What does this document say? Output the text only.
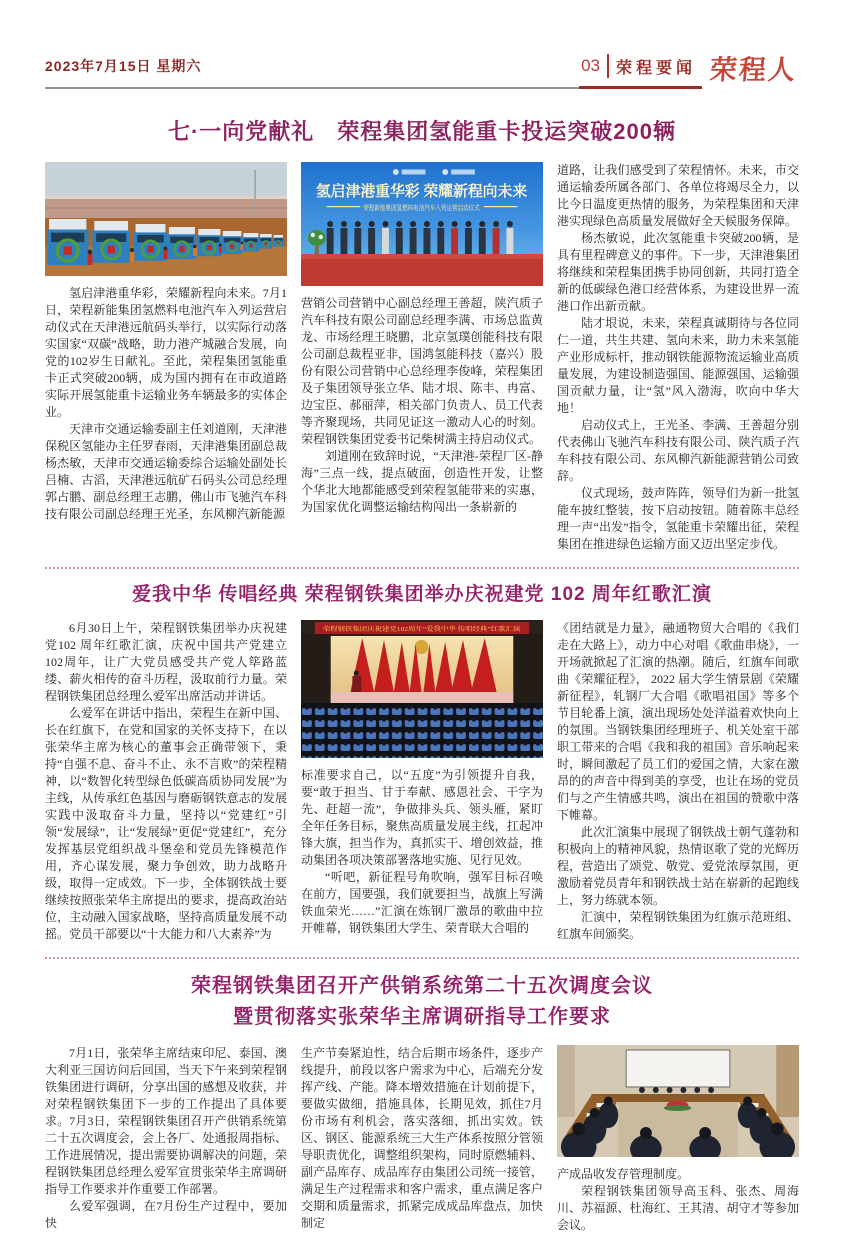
2023年7月15日 星期六	03 荣程要闻 荣程人
七·一向党献礼　荣程集团氢能重卡投运突破200辆

氢启津港重华彩，荣耀新程向未来。7月1日，荣程新能集团氢燃料电池汽车入列运营启动仪式在天津港远航码头举行，以实际行动落实国家“双碳”战略，助力港产城融合发展，向党的102岁生日献礼。至此，荣程集团氢能重卡正式突破200辆，成为国内拥有在市政道路实际开展氢能重卡运输业务车辆最多的实体企业。

天津市交通运输委副主任刘道刚，天津港保税区氢能办主任罗春雨，天津港集团副总裁杨杰敏，天津市交通运输委综合运输处副处长吕楠、古滔，天津港远航矿石码头公司总经理郭占鹏、副总经理王志鹏，佛山市飞驰汽车科技有限公司副总经理王光圣，东风柳汽新能源

氢启津港重华彩 荣耀新程向未来
荣程新能集团氢燃料电池汽车入列运营启动仪式

营销公司营销中心副总经理王善超，陕汽质子汽车科技有限公司副总经理李满、市场总监黄龙、市场经理王晓鹏，北京氢璞创能科技有限公司副总裁程亚非，国鸿氢能科技（嘉兴）股份有限公司营销中心总经理李俊峰，荣程集团及子集团领导张立华、陆才垠、陈丰、冉富、边宝臣、郝丽萍，相关部门负责人、员工代表等齐聚现场，共同见证这一激动人心的时刻。荣程钢铁集团党委书记柴树满主持启动仪式。

刘道刚在致辞时说，“天津港-荣程厂区-静海”三点一线，提点破面，创造性开发，让整个华北大地都能感受到荣程氢能带来的实惠，为国家优化调整运输结构闯出一条崭新的

道路，让我们感受到了荣程情怀。未来，市交通运输委所属各部门、各单位将竭尽全力，以比今日温度更热情的服务，为荣程集团和天津港实现绿色高质量发展做好全天候服务保障。

杨杰敏说，此次氢能重卡突破200辆，是具有里程碑意义的事件。下一步，天津港集团将继续和荣程集团携手协同创新，共同打造全新的低碳绿色港口经营体系，为建设世界一流港口作出新贡献。

陆才垠说，未来，荣程真诚期待与各位同仁一道，共生共建、氢向未来，助力未来氢能产业形成标杆，推动钢铁能源物流运输业高质量发展，为建设制造强国、能源强国、运输强国贡献力量，让“氢”风入渤海，吹向中华大地！

启动仪式上，王光圣、李满、王善超分别代表佛山飞驰汽车科技有限公司、陕汽质子汽车科技有限公司、东风柳汽新能源营销公司致辞。

仪式现场，鼓声阵阵，领导们为新一批氢能车披红整装，按下启动按钮。随着陈丰总经理一声“出发”指令，氢能重卡荣耀出征，荣程集团在推进绿色运输方面又迈出坚定步伐。

爱我中华 传唱经典 荣程钢铁集团举办庆祝建党 102 周年红歌汇演

6月30日上午，荣程钢铁集团举办庆祝建党102 周年红歌汇演，庆祝中国共产党建立102周年，让广大党员感受共产党人筚路蓝缕、薪火相传的奋斗历程，汲取前行力量。荣程钢铁集团总经理么爱军出席活动并讲话。

么爱军在讲话中指出，荣程生在新中国、长在红旗下，在党和国家的关怀支持下，在以张荣华主席为核心的董事会正确带领下，秉持“自强不息、奋斗不止、永不言败”的荣程精神，以“数智化转型绿色低碳高质协同发展”为主线，从传承红色基因与磨砺钢铁意志的发展实践中汲取奋斗力量，坚持以“党建红”引领“发展绿”，让“发展绿”更促“党建红”，充分发挥基层党组织战斗堡垒和党员先锋模范作用，齐心谋发展，聚力争创效，助力战略升级，取得一定成效。下一步，全体钢铁战士要继续按照张荣华主席提出的要求，提高政治站位，主动融入国家战略，坚持高质量发展不动摇。党员干部要以“十大能力和八大素养”为

荣程钢铁集团庆祝建党102周年“爱我中华 传唱经典”红歌汇演

标准要求自己，以“五度”为引领提升自我，要“敢于担当、甘于奉献、感恩社会、干字为先、赶超一流”，争做排头兵、领头雁，紧盯全年任务目标，聚焦高质量发展主线，扛起冲锋大旗，担当作为，真抓实干、增创效益，推动集团各项决策部署落地实施、见行见效。

“听吧，新征程号角吹响，强军目标召唤在前方，国要强，我们就要担当，战旗上写满铁血荣光……”汇演在炼钢厂激昂的歌曲中拉开帷幕，钢铁集团大学生、荣青联大合唱的

《团结就是力量》，融通物贸大合唱的《我们走在大路上》，动力中心对唱《歌曲串烧》，一开场就掀起了汇演的热潮。随后，红旗车间歌曲《荣耀征程》， 2022 届大学生情景剧《荣耀新征程》，轧钢厂大合唱《歌唱祖国》等多个节目轮番上演，演出现场处处洋溢着欢快向上的氛围。当钢铁集团经理班子、机关处室干部职工带来的合唱《我和我的祖国》音乐响起来时，瞬间激起了员工们的爱国之情，大家在激昂的的声音中得到美的享受，也让在场的党员们与之产生情感共鸣，演出在祖国的赞歌中落下帷幕。

此次汇演集中展现了钢铁战士朝气蓬勃和积极向上的精神风貌，热情讴歌了党的光辉历程，营造出了颂党、敬党、爱党浓厚氛围，更激励着党员青年和钢铁战士站在崭新的起跑线上，努力练就本领。

汇演中，荣程钢铁集团为红旗示范班组、红旗车间颁奖。

荣程钢铁集团召开产供销系统第二十五次调度会议
暨贯彻落实张荣华主席调研指导工作要求

7月1日，张荣华主席结束印尼、泰国、澳大利亚三国访问后回国，当天下午来到荣程钢铁集团进行调研，分享出国的感想及收获，并对荣程钢铁集团下一步的工作提出了具体要求。7月3日，荣程钢铁集团召开产供销系统第二十五次调度会，会上各厂、处通报周指标、工作进展情况，提出需要协调解决的问题，荣程钢铁集团总经理么爱军宣贯张荣华主席调研指导工作要求并作重要工作部署。

么爱军强调，在7月份生产过程中，要加快

生产节奏紧迫性，结合后期市场条件，逐步产线提升，前段以客户需求为中心，后端充分发挥产线、产能。降本增效措施在计划前提下，要做实做细，措施具体，长期见效，抓住7月份市场有利机会，落实落细，抓出实效。铁区、钢区、能源系统三大生产体系按照分管领导职责优化，调整组织架构，同时原燃辅料、副产品库存、成品库存由集团公司统一接管，满足生产过程需求和客户需求，重点满足客户交期和质量需求，抓紧完成成品库盘点，加快制定

产成品收发存管理制度。

荣程钢铁集团领导高玉科、张杰、周海川、苏福源、杜海红、王其清、胡守才等参加会议。
